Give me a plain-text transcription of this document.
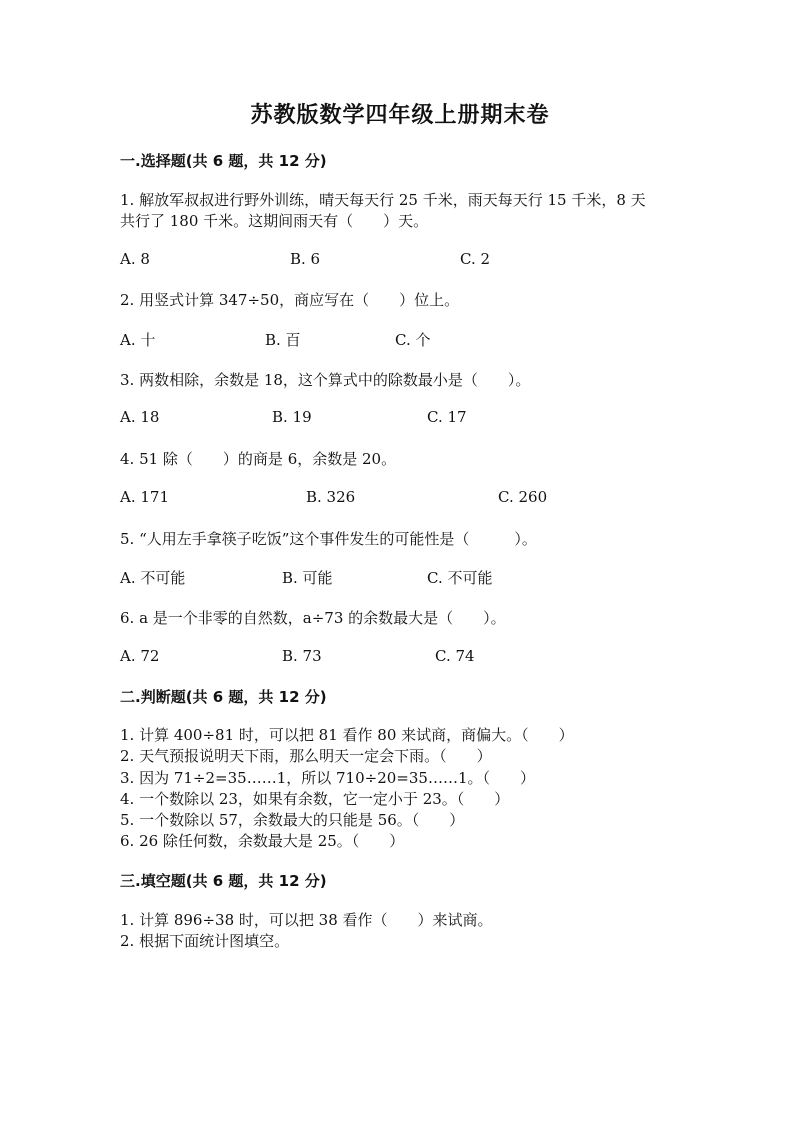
苏教版数学四年级上册期末卷
一.选择题(共 6 题，共 12 分)
1. 解放军叔叔进行野外训练，晴天每天行 25 千米，雨天每天行 15 千米，8 天
共行了 180 千米。这期间雨天有（　　）天。
A. 8	B. 6	C. 2
2. 用竖式计算 347÷50，商应写在（　　）位上。
A. 十	B. 百	C. 个
3. 两数相除，余数是 18，这个算式中的除数最小是（　　）。
A. 18	B. 19	C. 17
4. 51 除（　　）的商是 6，余数是 20。
A. 171	B. 326	C. 260
5. “人用左手拿筷子吃饭”这个事件发生的可能性是（　　　）。
A. 不可能	B. 可能	C. 不可能
6. a 是一个非零的自然数，a÷73 的余数最大是（　　）。
A. 72	B. 73	C. 74
二.判断题(共 6 题，共 12 分)
1. 计算 400÷81 时，可以把 81 看作 80 来试商，商偏大。（　　）
2. 天气预报说明天下雨，那么明天一定会下雨。（　　）
3. 因为 71÷2=35……1，所以 710÷20=35……1。（　　）
4. 一个数除以 23，如果有余数，它一定小于 23。（　　）
5. 一个数除以 57，余数最大的只能是 56。（　　）
6. 26 除任何数，余数最大是 25。（　　）
三.填空题(共 6 题，共 12 分)
1. 计算 896÷38 时，可以把 38 看作（　　）来试商。
2. 根据下面统计图填空。
